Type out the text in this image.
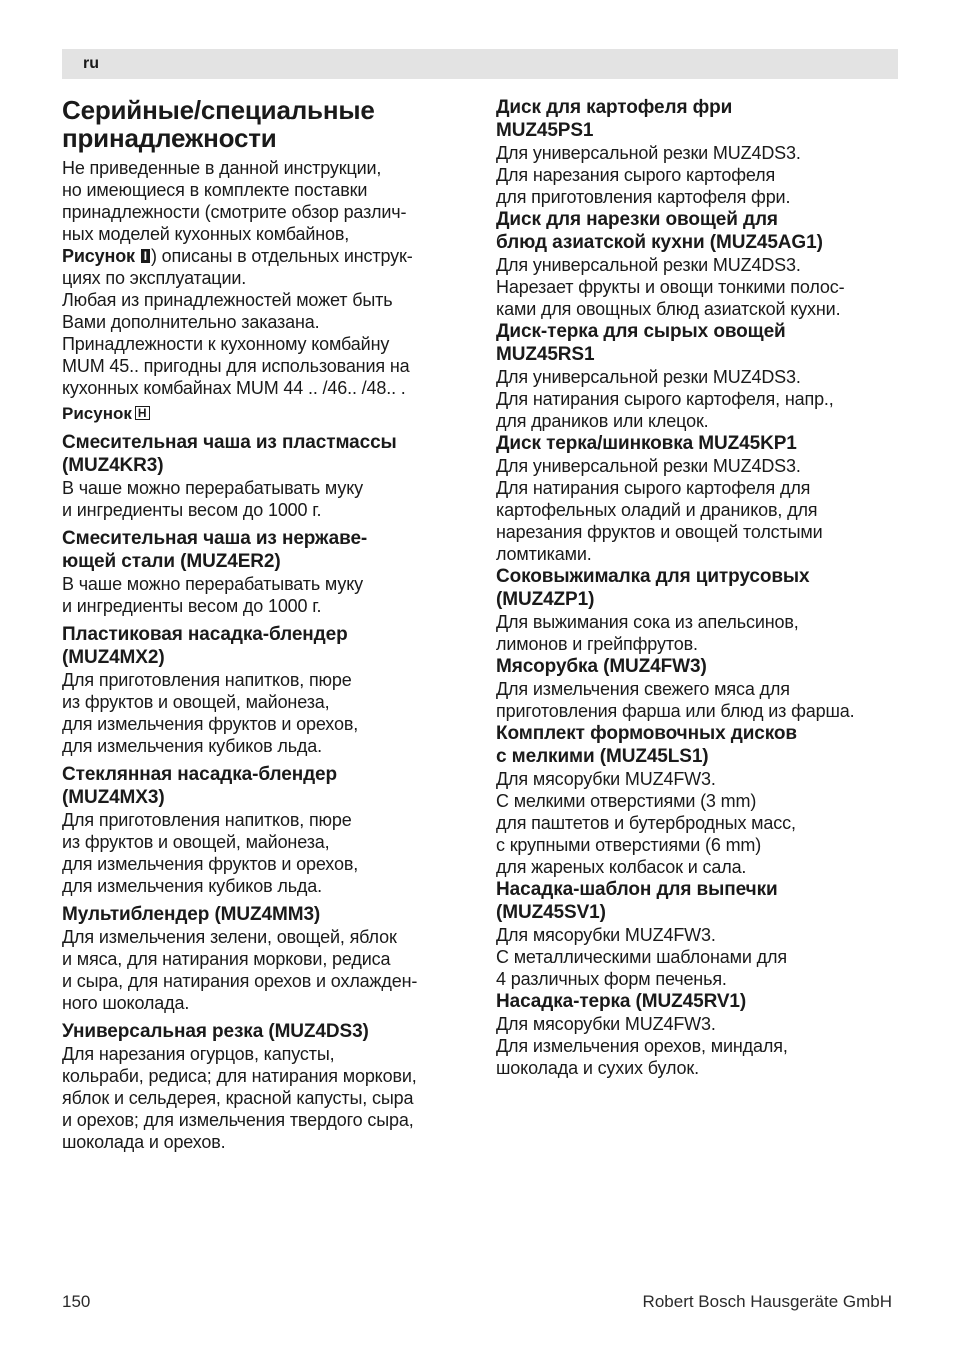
ru
Серийные/специальные
принадлежности
Не приведенные в данной инструкции,
но имеющиеся в комплекте поставки
принадлежности (смотрите обзор различ-
ных моделей кухонных комбайнов,
Рисунок I ) описаны в отдельных инструк-
циях по эксплуатации.
Любая из принадлежностей может быть
Вами дополнительно заказана.
Принадлежности к кухонному комбайну
MUM 45.. пригодны для использования на
кухонных комбайнах MUM 44 .. /46.. /48.. .
Рисунок H
Смесительная чаша из пластмассы
(MUZ4KR3)
В чаше можно перерабатывать муку
и ингредиенты весом до 1000 г.
Смесительная чаша из нержаве-
ющей стали (MUZ4ER2)
В чаше можно перерабатывать муку
и ингредиенты весом до 1000 г.
Пластиковая насадка-блендер
(MUZ4MX2)
Для приготовления напитков, пюре
из фруктов и овощей, майонеза,
для измельчения фруктов и орехов,
для измельчения кубиков льда.
Стеклянная насадка-блендер
(MUZ4MX3)
Для приготовления напитков, пюре
из фруктов и овощей, майонеза,
для измельчения фруктов и орехов,
для измельчения кубиков льда.
Мультиблендер (MUZ4MM3)
Для измельчения зелени, овощей, яблок
и мяса, для натирания моркови, редиса
и сыра, для натирания орехов и охлажден-
ного шоколада.
Универсальная резка (MUZ4DS3)
Для нарезания огурцов, капусты,
кольраби, редиса; для натирания моркови,
яблок и сельдерея, красной капусты, сыра
и орехов; для измельчения твердого сыра,
шоколада и орехов.
Диск для картофеля фри
MUZ45PS1
Для универсальной резки MUZ4DS3.
Для нарезания сырого картофеля
для приготовления картофеля фри.
Диск для нарезки овощей для
блюд азиатской кухни (MUZ45AG1)
Для универсальной резки MUZ4DS3.
Нарезает фрукты и овощи тонкими полос-
ками для овощных блюд азиатской кухни.
Диск-терка для сырых овощей
MUZ45RS1
Для универсальной резки MUZ4DS3.
Для натирания сырого картофеля, напр.,
для драников или клецок.
Диск терка/шинковка MUZ45KP1
Для универсальной резки MUZ4DS3.
Для натирания сырого картофеля для
картофельных оладий и драников, для
нарезания фруктов и овощей толстыми
ломтиками.
Соковыжималка для цитрусовых
(MUZ4ZP1)
Для выжимания сока из апельсинов,
лимонов и грейпфрутов.
Мясорубка (MUZ4FW3)
Для измельчения свежего мяса для
приготовления фарша или блюд из фарша.
Комплект формовочных дисков
с мелкими (MUZ45LS1)
Для мясорубки MUZ4FW3.
С мелкими отверстиями (3 mm)
для паштетов и бутербродных масс,
с крупными отверстиями (6 mm)
для жареных колбасок и сала.
Насадка-шаблон для выпечки
(MUZ45SV1)
Для мясорубки MUZ4FW3.
С металлическими шаблонами для
4 различных форм печенья.
Насадка-терка (MUZ45RV1)
Для мясорубки MUZ4FW3.
Для измельчения орехов, миндаля,
шоколада и сухих булок.
150	Robert Bosch Hausgeräte GmbH
